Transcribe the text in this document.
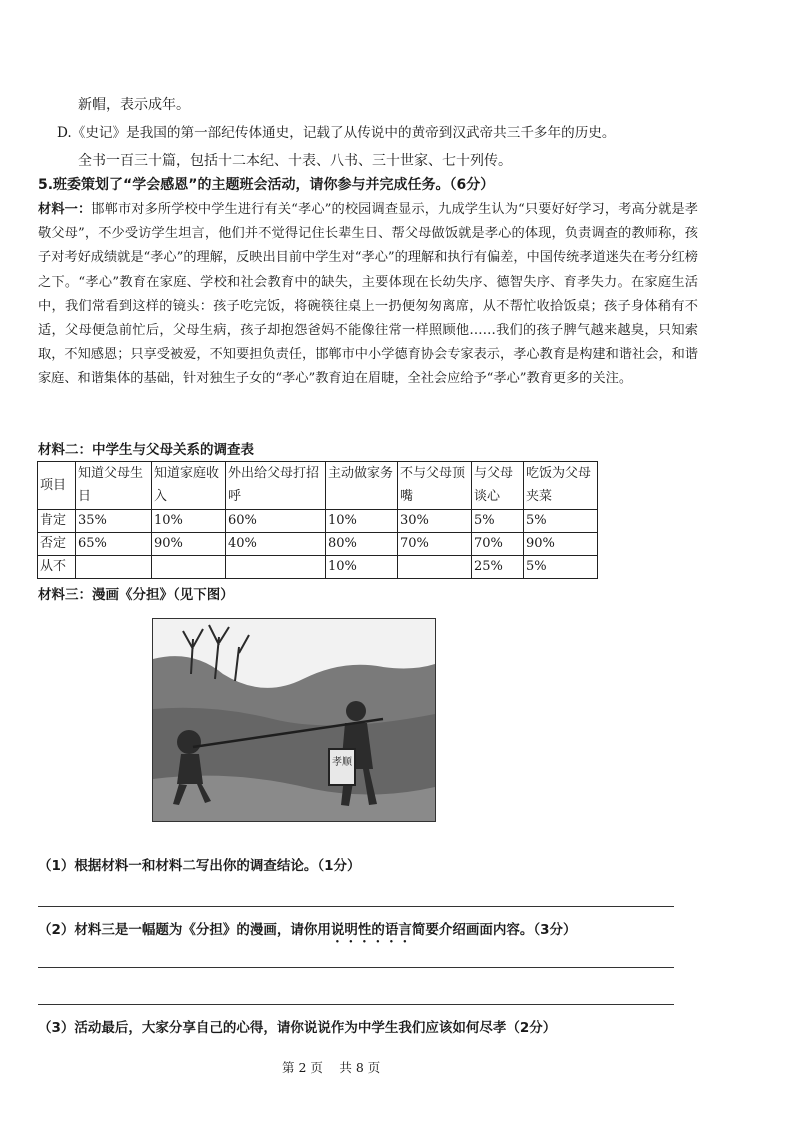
新帽，表示成年。
D.《史记》是我国的第一部纪传体通史，记载了从传说中的黄帝到汉武帝共三千多年的历史。
全书一百三十篇，包括十二本纪、十表、八书、三十世家、七十列传。
5.班委策划了“学会感恩”的主题班会活动，请你参与并完成任务。（6分）
材料一：邯郸市对多所学校中学生进行有关“孝心”的校园调查显示，九成学生认为“只要好好学习，考高分就是孝敬父母”，不少受访学生坦言，他们并不觉得记住长辈生日、帮父母做饭就是孝心的体现，负责调查的教师称，孩子对考好成绩就是“孝心”的理解，反映出目前中学生对“孝心”的理解和执行有偏差，中国传统孝道迷失在考分红榜之下。“孝心”教育在家庭、学校和社会教育中的缺失，主要体现在长幼失序、德智失序、育孝失力。在家庭生活中，我们常看到这样的镜头：孩子吃完饭，将碗筷往桌上一扔便匆匆离席，从不帮忙收拾饭桌；孩子身体稍有不适，父母便急前忙后，父母生病，孩子却抱怨爸妈不能像往常一样照顾他……我们的孩子脾气越来越臭，只知索取，不知感恩；只享受被爱，不知要担负责任，邯郸市中小学德育协会专家表示，孝心教育是构建和谐社会，和谐家庭、和谐集体的基础，针对独生子女的“孝心”教育迫在眉睫，全社会应给予“孝心”教育更多的关注。
材料二：中学生与父母关系的调查表
项目	知道父母生日	知道家庭收入	外出给父母打招呼	主动做家务	不与父母顶嘴	与父母谈心	吃饭为父母夹菜
肯定	35%	10%	60%	10%	30%	5%	5%
否定	65%	90%	40%	80%	70%	70%	90%
从不				10%		25%	5%
材料三：漫画《分担》（见下图）
孝顺
（1）根据材料一和材料二写出你的调查结论。（1分）
（2）材料三是一幅题为《分担》的漫画，请你用说明性的语言简要介绍画面内容。（3分）
（3）活动最后，大家分享自己的心得，请你说说作为中学生我们应该如何尽孝（2分）
第 2 页　 共 8 页
